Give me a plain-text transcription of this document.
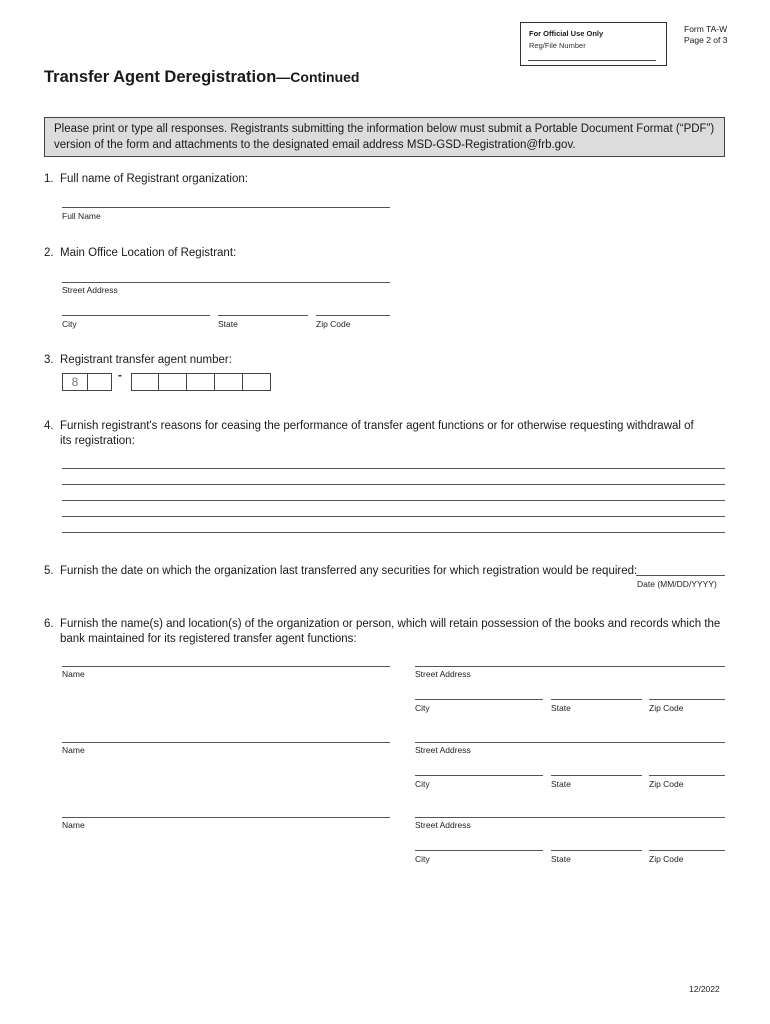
For Official Use Only
Reg/File Number
Form TA-W
Page 2 of 3
Transfer Agent Deregistration—Continued
Please print or type all responses. Registrants submitting the information below must submit a Portable Document Format (“PDF”) version of the form and attachments to the designated email address MSD-GSD-Registration@frb.gov.
1. Full name of Registrant organization:
Full Name
2. Main Office Location of Registrant:
Street Address
City	State	Zip Code
3. Registrant transfer agent number:
8	-
4. Furnish registrant's reasons for ceasing the performance of transfer agent functions or for otherwise requesting withdrawal of
its registration:
5. Furnish the date on which the organization last transferred any securities for which registration would be required:
Date (MM/DD/YYYY)
6. Furnish the name(s) and location(s) of the organization or person, which will retain possession of the books and records which the
bank maintained for its registered transfer agent functions:
Name	Street Address
City	State	Zip Code
Name	Street Address
City	State	Zip Code
Name	Street Address
City	State	Zip Code
12/2022
